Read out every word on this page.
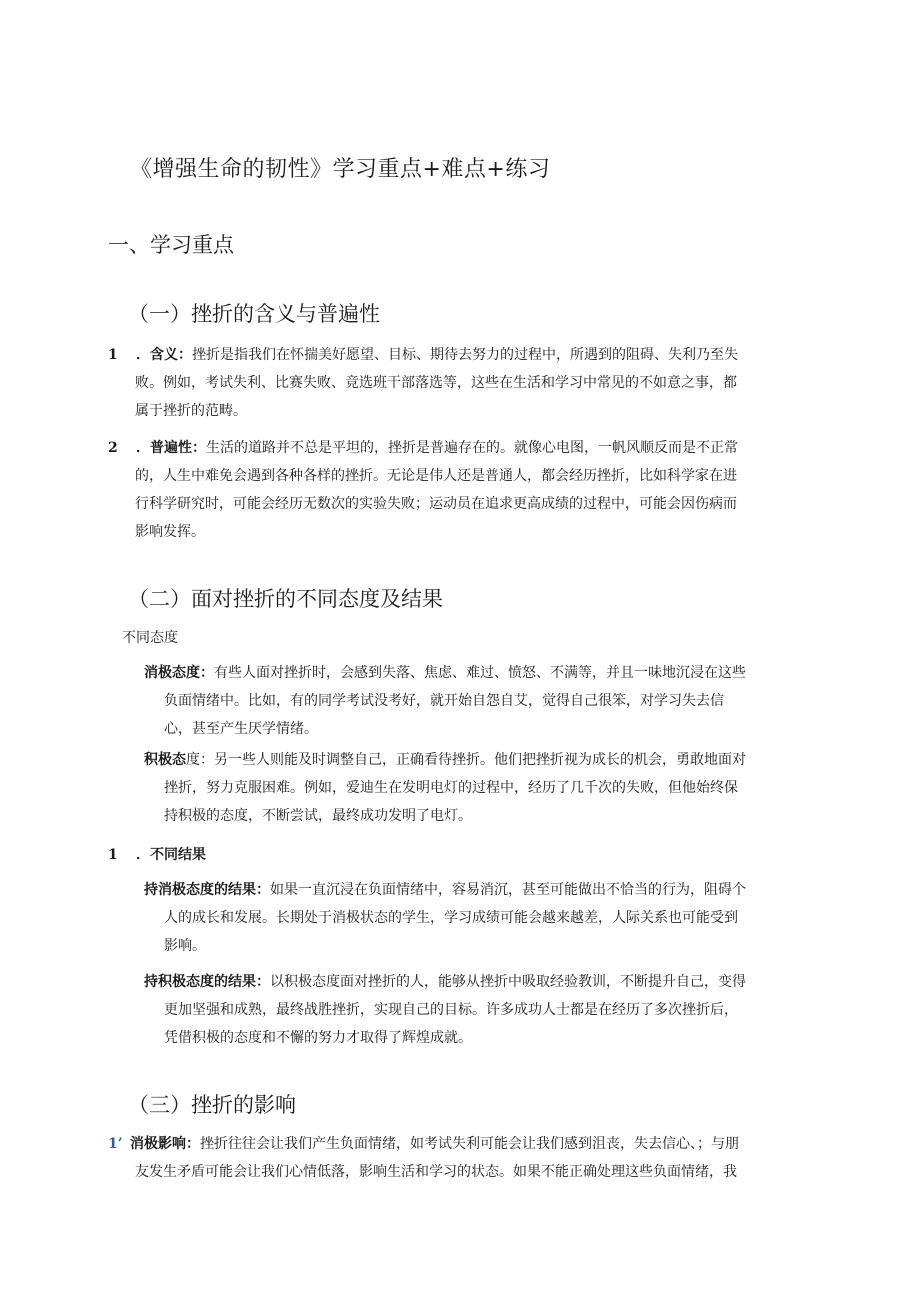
《增强生命的韧性》学习重点+难点+练习
一、学习重点
（一）挫折的含义与普遍性
1 ．含义：挫折是指我们在怀揣美好愿望、目标、期待去努力的过程中，所遇到的阻碍、失利乃至失
败。例如，考试失利、比赛失败、竞选班干部落选等，这些在生活和学习中常见的不如意之事，都
属于挫折的范畴。
2 ．普遍性：生活的道路并不总是平坦的，挫折是普遍存在的。就像心电图，一帆风顺反而是不正常
的，人生中难免会遇到各种各样的挫折。无论是伟人还是普通人，都会经历挫折，比如科学家在进
行科学研究时，可能会经历无数次的实验失败；运动员在追求更高成绩的过程中，可能会因伤病而
影响发挥。
（二）面对挫折的不同态度及结果
不同态度
消极态度：有些人面对挫折时，会感到失落、焦虑、难过、愤怒、不满等，并且一味地沉浸在这些
负面情绪中。比如，有的同学考试没考好，就开始自怨自艾，觉得自己很笨，对学习失去信
心，甚至产生厌学情绪。
积极态度：另一些人则能及时调整自己，正确看待挫折。他们把挫折视为成长的机会，勇敢地面对
挫折，努力克服困难。例如，爱迪生在发明电灯的过程中，经历了几千次的失败，但他始终保
持积极的态度，不断尝试，最终成功发明了电灯。
1 ．不同结果
持消极态度的结果：如果一直沉浸在负面情绪中，容易消沉，甚至可能做出不恰当的行为，阻碍个
人的成长和发展。长期处于消极状态的学生，学习成绩可能会越来越差，人际关系也可能受到
影响。
持积极态度的结果：以积极态度面对挫折的人，能够从挫折中吸取经验教训，不断提升自己，变得
更加坚强和成熟，最终战胜挫折，实现自己的目标。许多成功人士都是在经历了多次挫折后，
凭借积极的态度和不懈的努力才取得了辉煌成就。
（三）挫折的影响
1’ 消极影响：挫折往往会让我们产生负面情绪，如考试失利可能会让我们感到沮丧，失去信心、；与朋
友发生矛盾可能会让我们心情低落，影响生活和学习的状态。如果不能正确处理这些负面情绪，我
